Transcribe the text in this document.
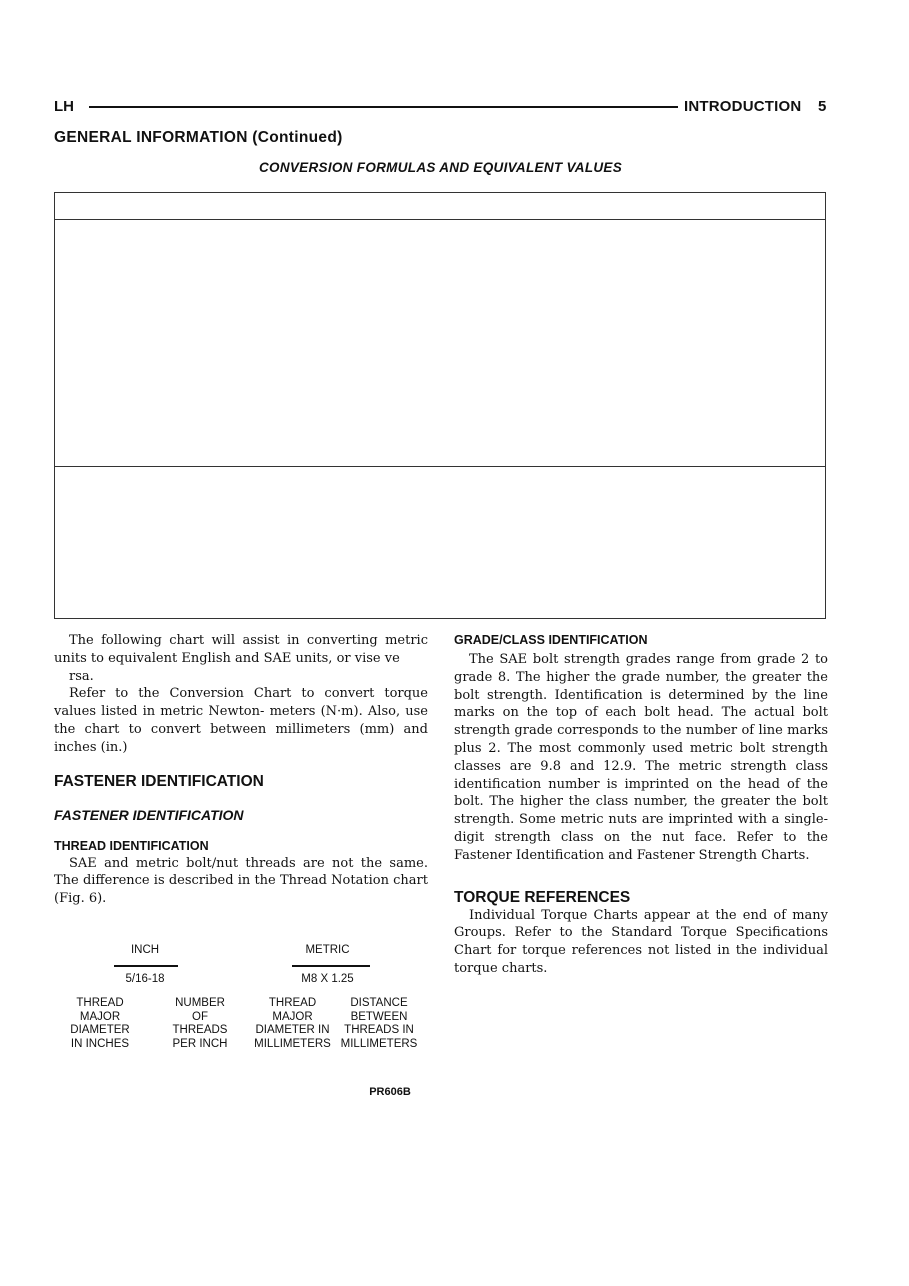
LH	INTRODUCTION 5
GENERAL INFORMATION (Continued)
CONVERSION FORMULAS AND EQUIVALENT VALUES

The following chart will assist in converting metric units to equivalent English and SAE units, or vise ve

rsa.

Refer to the Conversion Chart to convert torque values listed in metric Newton- meters (N·m). Also, use the chart to convert between millimeters (mm) and inches (in.)

FASTENER IDENTIFICATION
FASTENER IDENTIFICATION
THREAD IDENTIFICATION

SAE and metric bolt/nut threads are not the same. The difference is described in the Thread Notation chart (Fig. 6).

INCH
5/16-18
THREAD
MAJOR
DIAMETER
IN INCHES
NUMBER
OF
THREADS
PER INCH
METRIC
M8 X 1.25
THREAD
MAJOR
DIAMETER IN
MILLIMETERS
DISTANCE
BETWEEN
THREADS IN
MILLIMETERS
PR606B
GRADE/CLASS IDENTIFICATION

The SAE bolt strength grades range from grade 2 to grade 8. The higher the grade number, the greater the bolt strength. Identification is determined by the line marks on the top of each bolt head. The actual bolt strength grade corresponds to the number of line marks plus 2. The most commonly used metric bolt strength classes are 9.8 and 12.9. The metric strength class identification number is imprinted on the head of the bolt. The higher the class number, the greater the bolt strength. Some metric nuts are imprinted with a single-digit strength class on the nut face. Refer to the Fastener Identification and Fastener Strength Charts.

TORQUE REFERENCES

Individual Torque Charts appear at the end of many Groups. Refer to the Standard Torque Specifications Chart for torque references not listed in the individual torque charts.
